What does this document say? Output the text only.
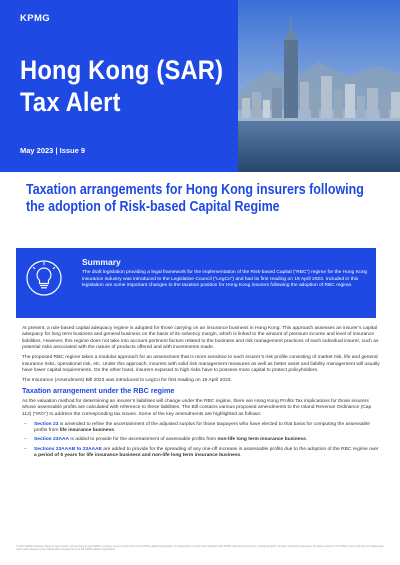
KPMG
Hong Kong (SAR)
Tax Alert
May 2023 | Issue 9
Taxation arrangements for Hong Kong insurers following the adoption of Risk-based Capital Regime
Summary
The draft legislation providing a legal framework for the implementation of the Risk-based Capital (“RBC”) regime for the Hong Kong insurance industry was introduced to the Legislative Council (“LegCo”) and had its first reading on 19 April 2023. Included in this legislation are some important changes to the taxation position for Hong Kong insurers following the adoption of RBC regime.

At present, a rule-based capital adequacy regime is adopted for those carrying on an insurance business in Hong Kong. This approach assesses an insurer’s capital adequacy for long term business and general business on the basis of its solvency margin, which is linked to the amount of premium income and level of insurance liabilities. However, this regime does not take into account pertinent factors related to the business and risk management practices of each individual insurer, such as potential risks associated with the nature of products offered and with investments made.

The proposed RBC regime takes a modular approach for an assessment that is more sensitive to each insurer’s risk profile consisting of market risk, life and general insurance risks, operational risk, etc. Under this approach, insurers with solid risk management measures as well as better asset and liability management will usually have lower capital requirements. On the other hand, insurers exposed to high risks have to possess more capital to protect policyholders.

The Insurance (Amendment) Bill 2023 was introduced to LegCo for first reading on 19 April 2023.

Taxation arrangement under the RBC regime

As the valuation method for determining an insurer’s liabilities will change under the RBC regime, there are Hong Kong Profits Tax implications for those insurers whose assessable profits are calculated with reference to these liabilities. The Bill contains various proposed amendments to the Inland Revenue Ordinance (Cap 112) (“IRO”) to address the corresponding tax issues. Some of the key amendments are highlighted as follows:

– Section 23 is amended to refine the ascertainment of the adjusted surplus for those taxpayers who have elected to that basis for computing the assessable profits from life insurance business.
– Section 23AAA is added to provide for the ascertainment of assessable profits from non-life long term insurance business.
– Sections 23AAAB to 23AAAE are added to provide for the spreading of any one-off increase in assessable profits due to the adoption of the RBC regime over a period of 5 years for life insurance business and non-life long term insurance business.
© 2023 KPMG Advisory (Hong Kong) Limited, a Hong Kong limited liability company and a member firm of the KPMG global organization of independent member firms affiliated with KPMG International Limited, a private English company limited by guarantee. All rights reserved. The KPMG name and logo are trademarks used under license by the independent member firms of the KPMG global organization.
